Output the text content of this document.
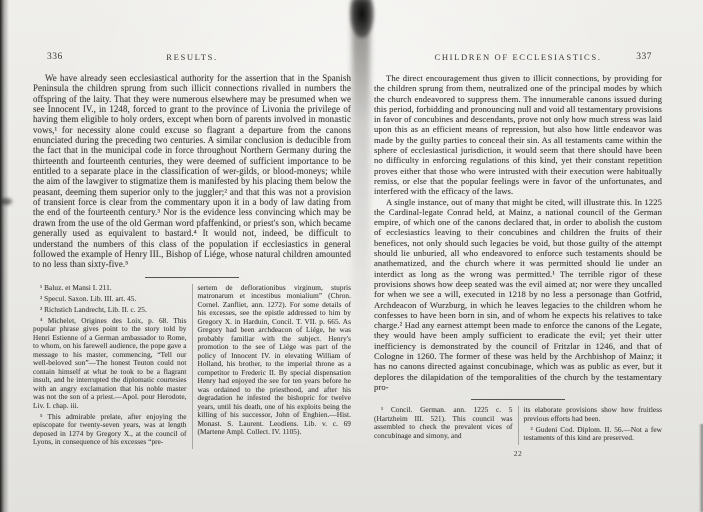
336	RESULTS.

We have already seen ecclesiastical authority for the assertion that in the Spanish Peninsula the children sprung from such illicit connections rivalled in numbers the offspring of the laity. That they were numerous elsewhere may be presumed when we see Innocent IV., in 1248, forced to grant to the province of Livonia the privilege of having them eligible to holy orders, except when born of parents involved in monastic vows,¹ for necessity alone could excuse so flagrant a departure from the canons enunciated during the preceding two centuries. A similar conclusion is deducible from the fact that in the municipal code in force throughout Northern Germany during the thirteenth and fourteenth centuries, they were deemed of sufficient importance to be entitled to a separate place in the classification of wer-gilds, or blood-moneys; while the aim of the lawgiver to stigmatize them is manifested by his placing them below the peasant, deeming them superior only to the juggler;² and that this was not a provision of transient force is clear from the commentary upon it in a body of law dating from the end of the fourteenth century.³ Nor is the evidence less convincing which may be drawn from the use of the old German word pfaffenkind, or priest's son, which became generally used as equivalent to bastard.⁴ It would not, indeed, be difficult to understand the numbers of this class of the population if ecclesiastics in general followed the example of Henry III., Bishop of Liége, whose natural children amounted to no less than sixty-five.⁵

¹ Baluz. et Mansi I. 211.

² Specul. Saxon. Lib. III. art. 45.

³ Richstich Landrecht, Lib. II. c. 25.

⁴ Michelet, Origines des Loix, p. 68. This popular phrase gives point to the story told by Henri Estienne of a German ambassador to Rome, to whom, on his farewell audience, the pope gave a message to his master, commencing, “Tell our well-beloved son”—The honest Teuton could not contain himself at what he took to be a flagrant insult, and he interrupted the diplomatic courtesies with an angry exclamation that his noble master was not the son of a priest.—Apol. pour Herodote, Liv. I. chap. iii.

⁵ This admirable prelate, after enjoying the episcopate for twenty-seven years, was at length deposed in 1274 by Gregory X., at the council of Lyons, in consequence of his excesses “pre-

sertem de deflorationibus virginum, stupris matronarum et incestibus monialium” (Chron. Cornel. Zanfliet, ann. 1272). For some details of his excesses, see the epistle addressed to him by Gregory X. in Harduin, Concil. T. VII. p. 665. As Gregory had been archdeacon of Liége, he was probably familiar with the subject. Henry's promotion to the see of Liége was part of the policy of Innocent IV. in elevating William of Holland, his brother, to the imperial throne as a competitor to Frederic II. By special dispensation Henry had enjoyed the see for ten years before he was ordained to the priesthood, and after his degradation he infested the bishopric for twelve years, until his death, one of his exploits being the killing of his successor, John of Enghien.—Hist. Monast. S. Laurent. Leodiens. Lib. v. c. 69 (Martene Ampl. Collect. IV. 1105).

CHILDREN OF ECCLESIASTICS.	337

The direct encouragement thus given to illicit connections, by providing for the children sprung from them, neutralized one of the principal modes by which the church endeavored to suppress them. The innumerable canons issued during this period, forbidding and pronouncing null and void all testamentary provisions in favor of concubines and descendants, prove not only how much stress was laid upon this as an efficient means of repression, but also how little endeavor was made by the guilty parties to conceal their sin. As all testaments came within the sphere of ecclesiastical jurisdiction, it would seem that there should have been no difficulty in enforcing regulations of this kind, yet their constant repetition proves either that those who were intrusted with their execution were habitually remiss, or else that the popular feelings were in favor of the unfortunates, and interfered with the efficacy of the laws.

A single instance, out of many that might be cited, will illustrate this. In 1225 the Cardinal-legate Conrad held, at Mainz, a national council of the German empire, of which one of the canons declared that, in order to abolish the custom of ecclesiastics leaving to their concubines and children the fruits of their benefices, not only should such legacies be void, but those guilty of the attempt should lie unburied, all who endeavored to enforce such testaments should be anathematized, and the church where it was permitted should lie under an interdict as long as the wrong was permitted.¹ The terrible rigor of these provisions shows how deep seated was the evil aimed at; nor were they uncalled for when we see a will, executed in 1218 by no less a personage than Gotfrid, Archdeacon of Wurzburg, in which he leaves legacies to the children whom he confesses to have been born in sin, and of whom he expects his relatives to take charge.² Had any earnest attempt been made to enforce the canons of the Legate, they would have been amply sufficient to eradicate the evil; yet their utter inefficiency is demonstrated by the council of Fritzlar in 1246, and that of Cologne in 1260. The former of these was held by the Archbishop of Mainz; it has no canons directed against concubinage, which was as public as ever, but it deplores the dilapidation of the temporalities of the church by the testamentary pro-

¹ Concil. German. ann. 1225 c. 5 (Hartzheim III. 521). This council was assembled to check the prevalent vices of concubinage and simony, and

its elaborate provisions show how fruitless previous efforts had been.

² Gudeni Cod. Diplom. II. 56.—Not a few testaments of this kind are preserved.

22
